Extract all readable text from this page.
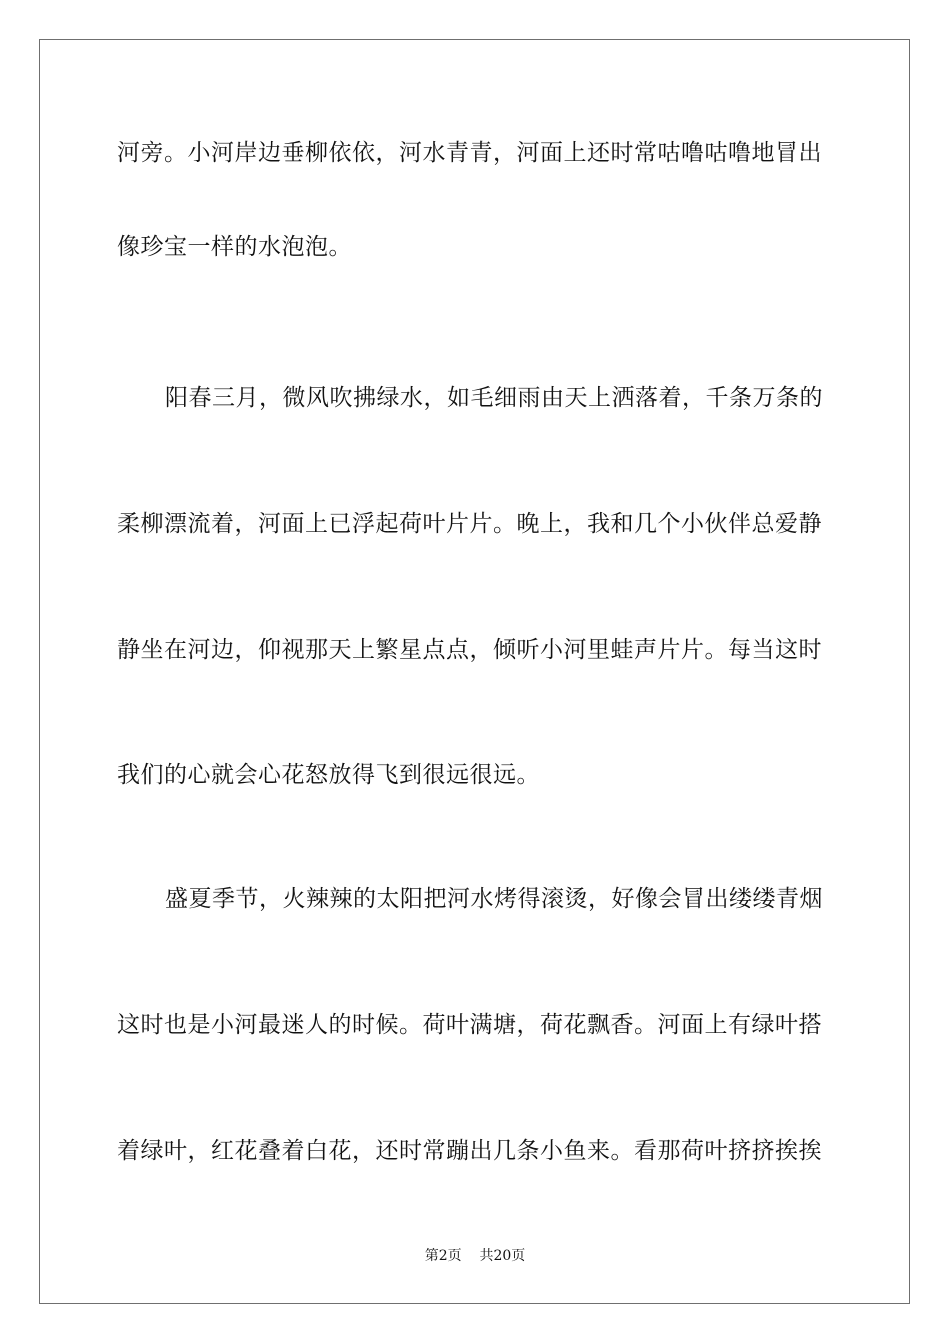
河旁。小河岸边垂柳依依，河水青青，河面上还时常咕噜咕噜地冒出
像珍宝一样的水泡泡。
阳春三月，微风吹拂绿水，如毛细雨由天上洒落着，千条万条的
柔柳漂流着，河面上已浮起荷叶片片。晚上，我和几个小伙伴总爱静
静坐在河边，仰视那天上繁星点点，倾听小河里蛙声片片。每当这时
我们的心就会心花怒放得飞到很远很远。
盛夏季节，火辣辣的太阳把河水烤得滚烫，好像会冒出缕缕青烟
这时也是小河最迷人的时候。荷叶满塘，荷花飘香。河面上有绿叶搭
着绿叶，红花叠着白花，还时常蹦出几条小鱼来。看那荷叶挤挤挨挨
第2页 共20页
